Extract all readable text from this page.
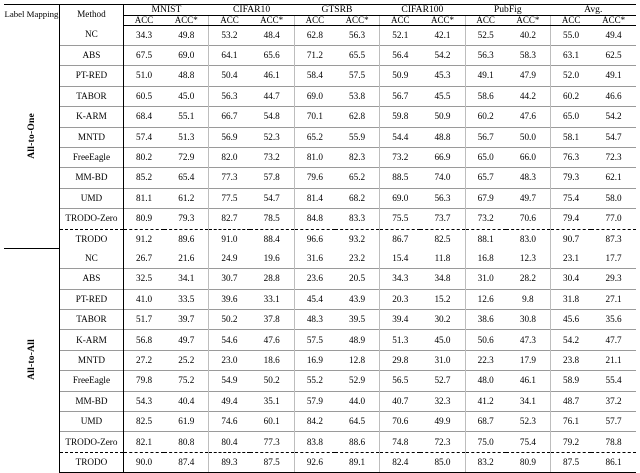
Label Mapping	Method	MNIST		CIFAR10		GTSRB		CIFAR100		PubFig		Avg.	
		ACC	ACC*	ACC	ACC*	ACC	ACC*	ACC	ACC*	ACC	ACC*	ACC	ACC*
All-to-One	NC	34.3	49.8	53.2	48.4	62.8	56.3	52.1	42.1	52.5	40.2	55.0	49.4
	ABS	67.5	69.0	64.1	65.6	71.2	65.5	56.4	54.2	56.3	58.3	63.1	62.5
	PT-RED	51.0	48.8	50.4	46.1	58.4	57.5	50.9	45.3	49.1	47.9	52.0	49.1
	TABOR	60.5	45.0	56.3	44.7	69.0	53.8	56.7	45.5	58.6	44.2	60.2	46.6
	K-ARM	68.4	55.1	66.7	54.8	70.1	62.8	59.8	50.9	60.2	47.6	65.0	54.2
	MNTD	57.4	51.3	56.9	52.3	65.2	55.9	54.4	48.8	56.7	50.0	58.1	54.7
	FreeEagle	80.2	72.9	82.0	73.2	81.0	82.3	73.2	66.9	65.0	66.0	76.3	72.3
	MM-BD	85.2	65.4	77.3	57.8	79.6	65.2	88.5	74.0	65.7	48.3	79.3	62.1
	UMD	81.1	61.2	77.5	54.7	81.4	68.2	69.0	56.3	67.9	49.7	75.4	58.0
	TRODO-Zero	80.9	79.3	82.7	78.5	84.8	83.3	75.5	73.7	73.2	70.6	79.4	77.0
	TRODO	91.2	89.6	91.0	88.4	96.6	93.2	86.7	82.5	88.1	83.0	90.7	87.3
All-to-All	NC	26.7	21.6	24.9	19.6	31.6	23.2	15.4	11.8	16.8	12.3	23.1	17.7
	ABS	32.5	34.1	30.7	28.8	23.6	20.5	34.3	34.8	31.0	28.2	30.4	29.3
	PT-RED	41.0	33.5	39.6	33.1	45.4	43.9	20.3	15.2	12.6	9.8	31.8	27.1
	TABOR	51.7	39.7	50.2	37.8	48.3	39.5	39.4	30.2	38.6	30.8	45.6	35.6
	K-ARM	56.8	49.7	54.6	47.6	57.5	48.9	51.3	45.0	50.6	47.3	54.2	47.7
	MNTD	27.2	25.2	23.0	18.6	16.9	12.8	29.8	31.0	22.3	17.9	23.8	21.1
	FreeEagle	79.8	75.2	54.9	50.2	55.2	52.9	56.5	52.7	48.0	46.1	58.9	55.4
	MM-BD	54.3	40.4	49.4	35.1	57.9	44.0	40.7	32.3	41.2	34.1	48.7	37.2
	UMD	82.5	61.9	74.6	60.1	84.2	64.5	70.6	49.9	68.7	52.3	76.1	57.7
	TRODO-Zero	82.1	80.8	80.4	77.3	83.8	88.6	74.8	72.3	75.0	75.4	79.2	78.8
	TRODO	90.0	87.4	89.3	87.5	92.6	89.1	82.4	85.0	83.2	80.9	87.5	86.1
